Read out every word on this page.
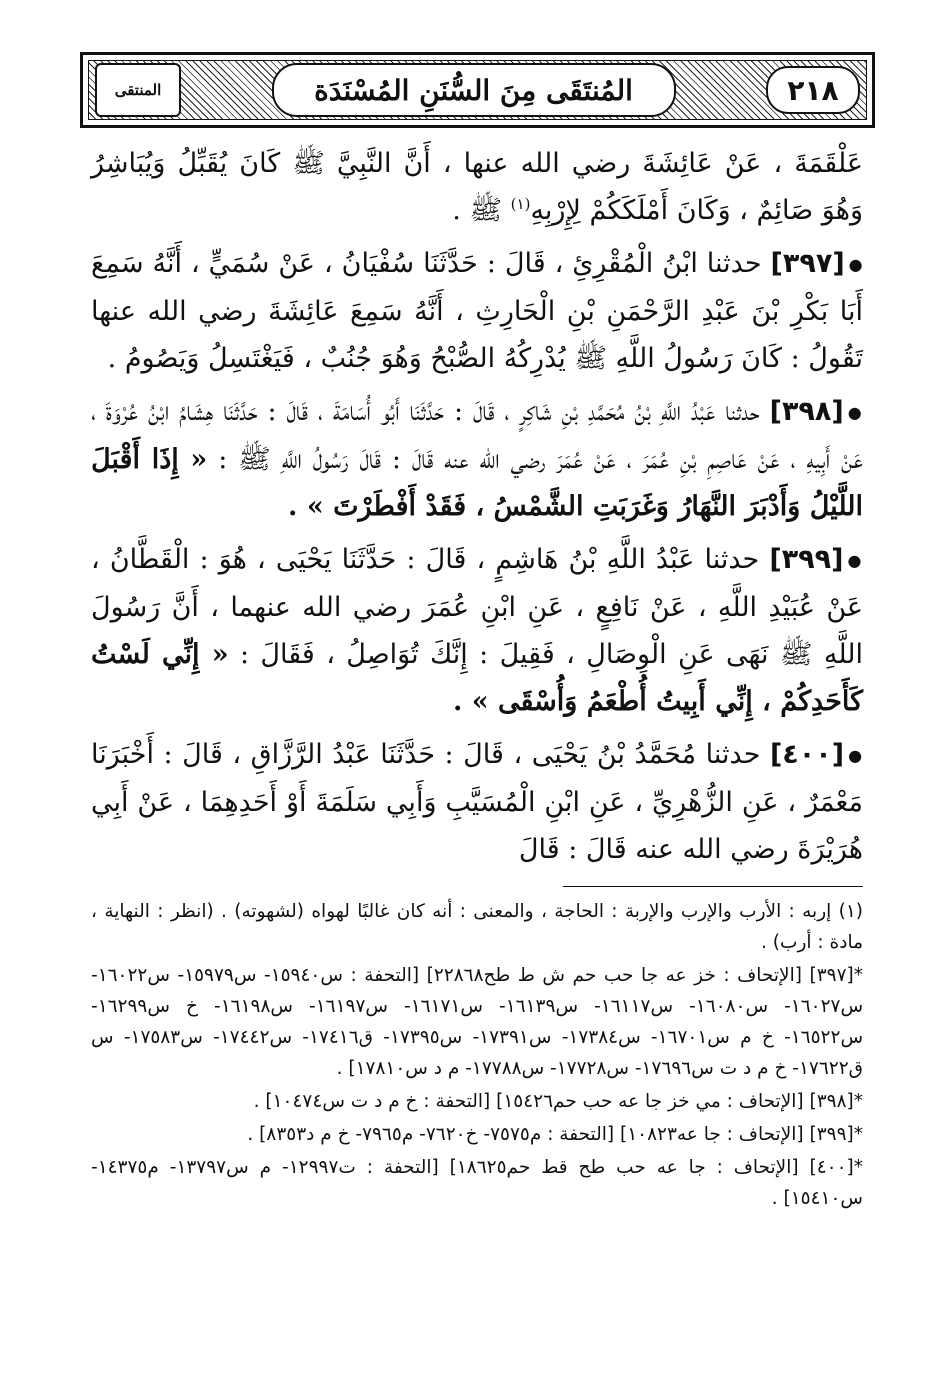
٢١٨
المُنتَقَى مِنَ السُّنَنِ المُسْنَدَة
المنتقى

عَلْقَمَةَ ، عَنْ عَائِشَةَ رضي الله عنها ، أَنَّ النَّبِيَّ ﷺ كَانَ يُقَبِّلُ وَيُبَاشِرُ وَهُوَ صَائِمٌ ، وَكَانَ أَمْلَكَكُمْ لِإِرْبِهِ$^{(١)}$ ﷺ .

●[٣٩٧] حدثنا ابْنُ الْمُقْرِئِ ، قَالَ : حَدَّثَنَا سُفْيَانُ ، عَنْ سُمَيٍّ ، أَنَّهُ سَمِعَ أَبَا بَكْرِ بْنَ عَبْدِ الرَّحْمَنِ بْنِ الْحَارِثِ ، أَنَّهُ سَمِعَ عَائِشَةَ رضي الله عنها تَقُولُ : كَانَ رَسُولُ اللَّهِ ﷺ يُدْرِكُهُ الصُّبْحُ وَهُوَ جُنُبٌ ، فَيَغْتَسِلُ وَيَصُومُ .

●[٣٩٨] حدثنا عَبْدُ اللَّهِ بْنُ مُحَمَّدِ بْنِ شَاكِرٍ ، قَالَ : حَدَّثَنَا أَبُو أُسَامَةَ ، قَالَ : حَدَّثَنَا هِشَامُ ابْنُ عُرْوَةَ ، عَنْ أَبِيهِ ، عَنْ عَاصِمِ بْنِ عُمَرَ ، عَنْ عُمَرَ رضي الله عنه قَالَ : قَالَ رَسُولُ اللَّهِ ﷺ : « إِذَا أَقْبَلَ اللَّيْلُ وَأَدْبَرَ النَّهَارُ وَغَرَبَتِ الشَّمْسُ ، فَقَدْ أَفْطَرْتَ » .

●[٣٩٩] حدثنا عَبْدُ اللَّهِ بْنُ هَاشِمٍ ، قَالَ : حَدَّثَنَا يَحْيَى ، هُوَ : الْقَطَّانُ ، عَنْ عُبَيْدِ اللَّهِ ، عَنْ نَافِعٍ ، عَنِ ابْنِ عُمَرَ رضي الله عنهما ، أَنَّ رَسُولَ اللَّهِ ﷺ نَهَى عَنِ الْوِصَالِ ، فَقِيلَ : إِنَّكَ تُوَاصِلُ ، فَقَالَ : « إِنِّي لَسْتُ كَأَحَدِكُمْ ، إِنِّي أَبِيتُ أُطْعَمُ وَأُسْقَى » .

●[٤٠٠] حدثنا مُحَمَّدُ بْنُ يَحْيَى ، قَالَ : حَدَّثَنَا عَبْدُ الرَّزَّاقِ ، قَالَ : أَخْبَرَنَا مَعْمَرٌ ، عَنِ الزُّهْرِيِّ ، عَنِ ابْنِ الْمُسَيَّبِ وَأَبِي سَلَمَةَ أَوْ أَحَدِهِمَا ، عَنْ أَبِي هُرَيْرَةَ رضي الله عنه قَالَ : قَالَ

(١) إربه : الأرب والإرب والإربة : الحاجة ، والمعنى : أنه كان غالبًا لهواه (لشهوته) . (انظر : النهاية ، مادة : أرب) .

*[٣٩٧] [الإتحاف : خز عه جا حب حم ش ط طح٢٢٨٦٨] [التحفة : س١٥٩٤٠- س١٥٩٧٩- س١٦٠٢٢- س١٦٠٢٧- س١٦٠٨٠- س١٦١١٧- س١٦١٣٩- س١٦١٧١- س١٦١٩٧- س١٦١٩٨- خ س١٦٢٩٩- س١٦٥٢٢- خ م س١٦٧٠١- س١٧٣٨٤- س١٧٣٩١- س١٧٣٩٥- ق١٧٤١٦- س١٧٤٤٢- س١٧٥٨٣- س ق١٧٦٢٢- خ م د ت س١٧٦٩٦- س١٧٧٢٨- س١٧٧٨٨- م د س١٧٨١٠] .

*[٣٩٨] [الإتحاف : مي خز جا عه حب حم١٥٤٢٦] [التحفة : خ م د ت س١٠٤٧٤] .

*[٣٩٩] [الإتحاف : جا عه١٠٨٢٣] [التحفة : م٧٥٧٥- خ٧٦٢٠- م٧٩٦٥- خ م د٨٣٥٣] .

*[٤٠٠] [الإتحاف : جا عه حب طح قط حم١٨٦٢٥] [التحفة : ت١٢٩٩٧- م س١٣٧٩٧- م١٤٣٧٥- س١٥٤١٠] .
